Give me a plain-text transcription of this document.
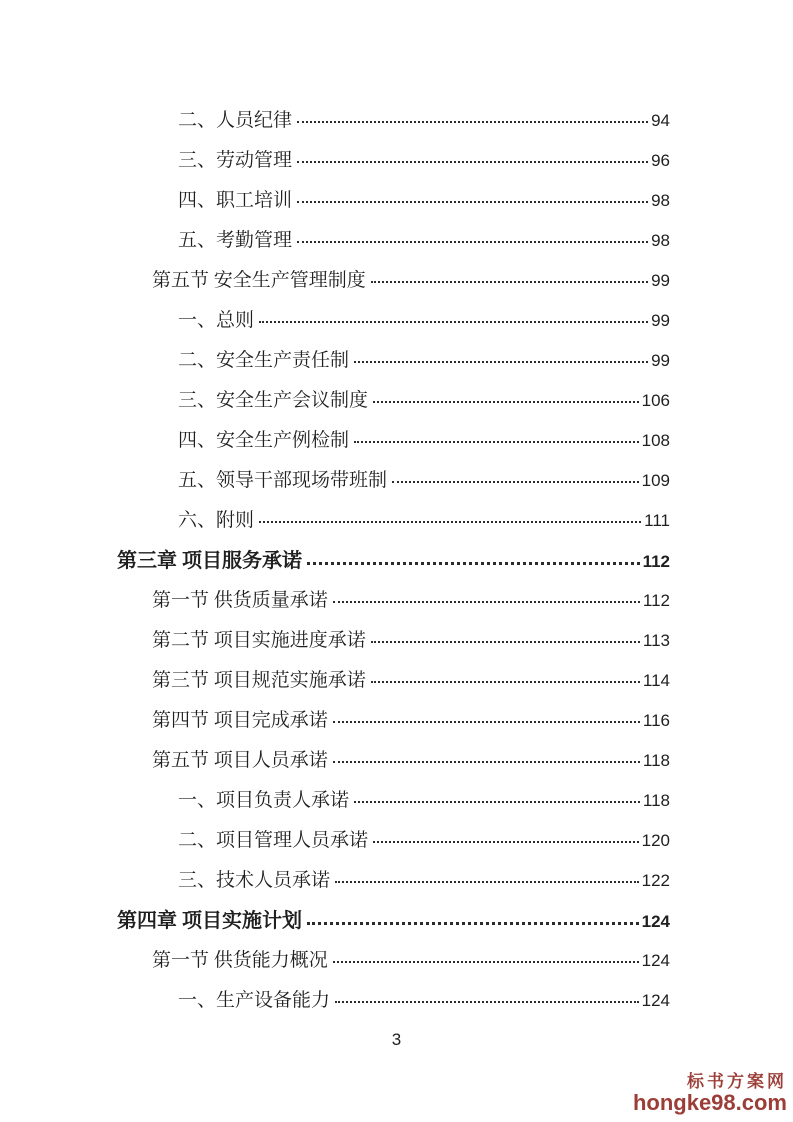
二、人员纪律	94
三、劳动管理	96
四、职工培训	98
五、考勤管理	98
第五节 安全生产管理制度	99
一、总则	99
二、安全生产责任制	99
三、安全生产会议制度	106
四、安全生产例检制	108
五、领导干部现场带班制	109
六、附则	111
第三章 项目服务承诺	112
第一节 供货质量承诺	112
第二节 项目实施进度承诺	113
第三节 项目规范实施承诺	114
第四节 项目完成承诺	116
第五节 项目人员承诺	118
一、项目负责人承诺	118
二、项目管理人员承诺	120
三、技术人员承诺	122
第四章 项目实施计划	124
第一节 供货能力概况	124
一、生产设备能力	124
3
标书方案网
hongke98.com
